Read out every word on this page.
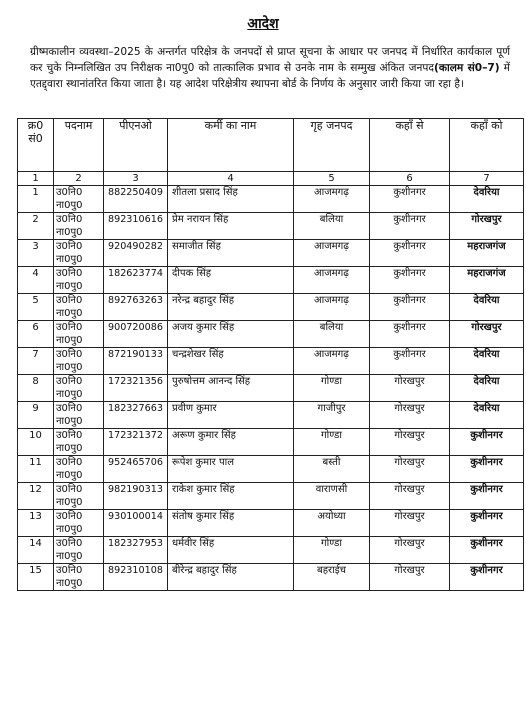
आदेश
ग्रीष्मकालीन व्यवस्था–2025 के अन्तर्गत परिक्षेत्र के जनपदों से प्राप्त सूचना के आधार पर जनपद में निर्धारित कार्यकाल पूर्ण कर चुके निम्नलिखित उप निरीक्षक ना0पु0 को तात्कालिक प्रभाव से उनके नाम के सम्मुख अंकित जनपद(कालम सं0–7) में एतद्द्वारा स्थानांतरित किया जाता है। यह आदेश परिक्षेत्रीय स्थापना बोर्ड के निर्णय के अनुसार जारी किया जा रहा है।
क्र0 सं0	पदनाम	पीएनओ	कर्मी का नाम	गृह जनपद	कहाँ से	कहाँ को
1	2	3	4	5	6	7
1	उ0नि0 ना0पु0	882250409	शीतला प्रसाद सिंह	आजमगढ़	कुशीनगर	देवरिया
2	उ0नि0 ना0पु0	892310616	प्रेम नरायन सिंह	बलिया	कुशीनगर	गोरखपुर
3	उ0नि0 ना0पु0	920490282	समाजीत सिंह	आजमगढ़	कुशीनगर	महराजगंज
4	उ0नि0 ना0पु0	182623774	दीपक सिंह	आजमगढ़	कुशीनगर	महराजगंज
5	उ0नि0 ना0पु0	892763263	नरेन्द्र बहादुर सिंह	आजमगढ़	कुशीनगर	देवरिया
6	उ0नि0 ना0पु0	900720086	अजय कुमार सिंह	बलिया	कुशीनगर	गोरखपुर
7	उ0नि0 ना0पु0	872190133	चन्द्रशेखर सिंह	आजमगढ़	कुशीनगर	देवरिया
8	उ0नि0 ना0पु0	172321356	पुरुषोत्तम आनन्द सिंह	गोण्डा	गोरखपुर	देवरिया
9	उ0नि0 ना0पु0	182327663	प्रवीण कुमार	गाजीपुर	गोरखपुर	देवरिया
10	उ0नि0 ना0पु0	172321372	अरूण कुमार सिंह	गोण्डा	गोरखपुर	कुशीनगर
11	उ0नि0 ना0पु0	952465706	रूपेश कुमार पाल	बस्ती	गोरखपुर	कुशीनगर
12	उ0नि0 ना0पु0	982190313	राकेश कुमार सिंह	वाराणसी	गोरखपुर	कुशीनगर
13	उ0नि0 ना0पु0	930100014	संतोष कुमार सिंह	अयोध्या	गोरखपुर	कुशीनगर
14	उ0नि0 ना0पु0	182327953	धर्मवीर सिंह	गोण्डा	गोरखपुर	कुशीनगर
15	उ0नि0 ना0पु0	892310108	बीरेन्द्र बहादुर सिंह	बहराईच	गोरखपुर	कुशीनगर
